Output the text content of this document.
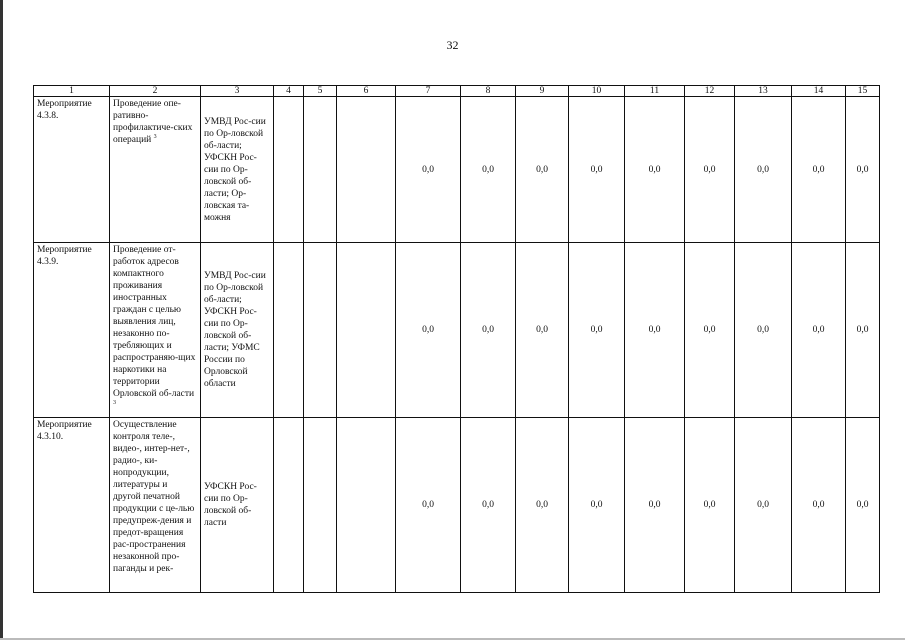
32
1	2	3	4	5	6	7	8	9	10	11	12	13	14	15
Мероприятие 4.3.8.	Проведение опе-ративно-профилактиче-ских операций $^3$	УМВД Рос-сии по Ор-ловской об-ласти; УФСКН Рос-сии по Ор-ловской об-ласти; Ор-ловская та-можня				0,0	0,0	0,0	0,0	0,0	0,0	0,0	0,0	0,0
Мероприятие 4.3.9.	Проведение от-работок адресов компактного проживания иностранных граждан с целью выявления лиц, незаконно по-требляющих и распространяю-щих наркотики на территории Орловской об-ласти $^3$	УМВД Рос-сии по Ор-ловской об-ласти; УФСКН Рос-сии по Ор-ловской об-ласти; УФМС России по Орловской области				0,0	0,0	0,0	0,0	0,0	0,0	0,0	0,0	0,0
Мероприятие 4.3.10.	Осуществление контроля теле-, видео-, интер-нет-, радио-, ки-нопродукции, литературы и другой печатной продукции с це-лью предупреж-дения и предот-вращения рас-пространения незаконной про-паганды и рек-	УФСКН Рос-сии по Ор-ловской об-ласти				0,0	0,0	0,0	0,0	0,0	0,0	0,0	0,0	0,0
